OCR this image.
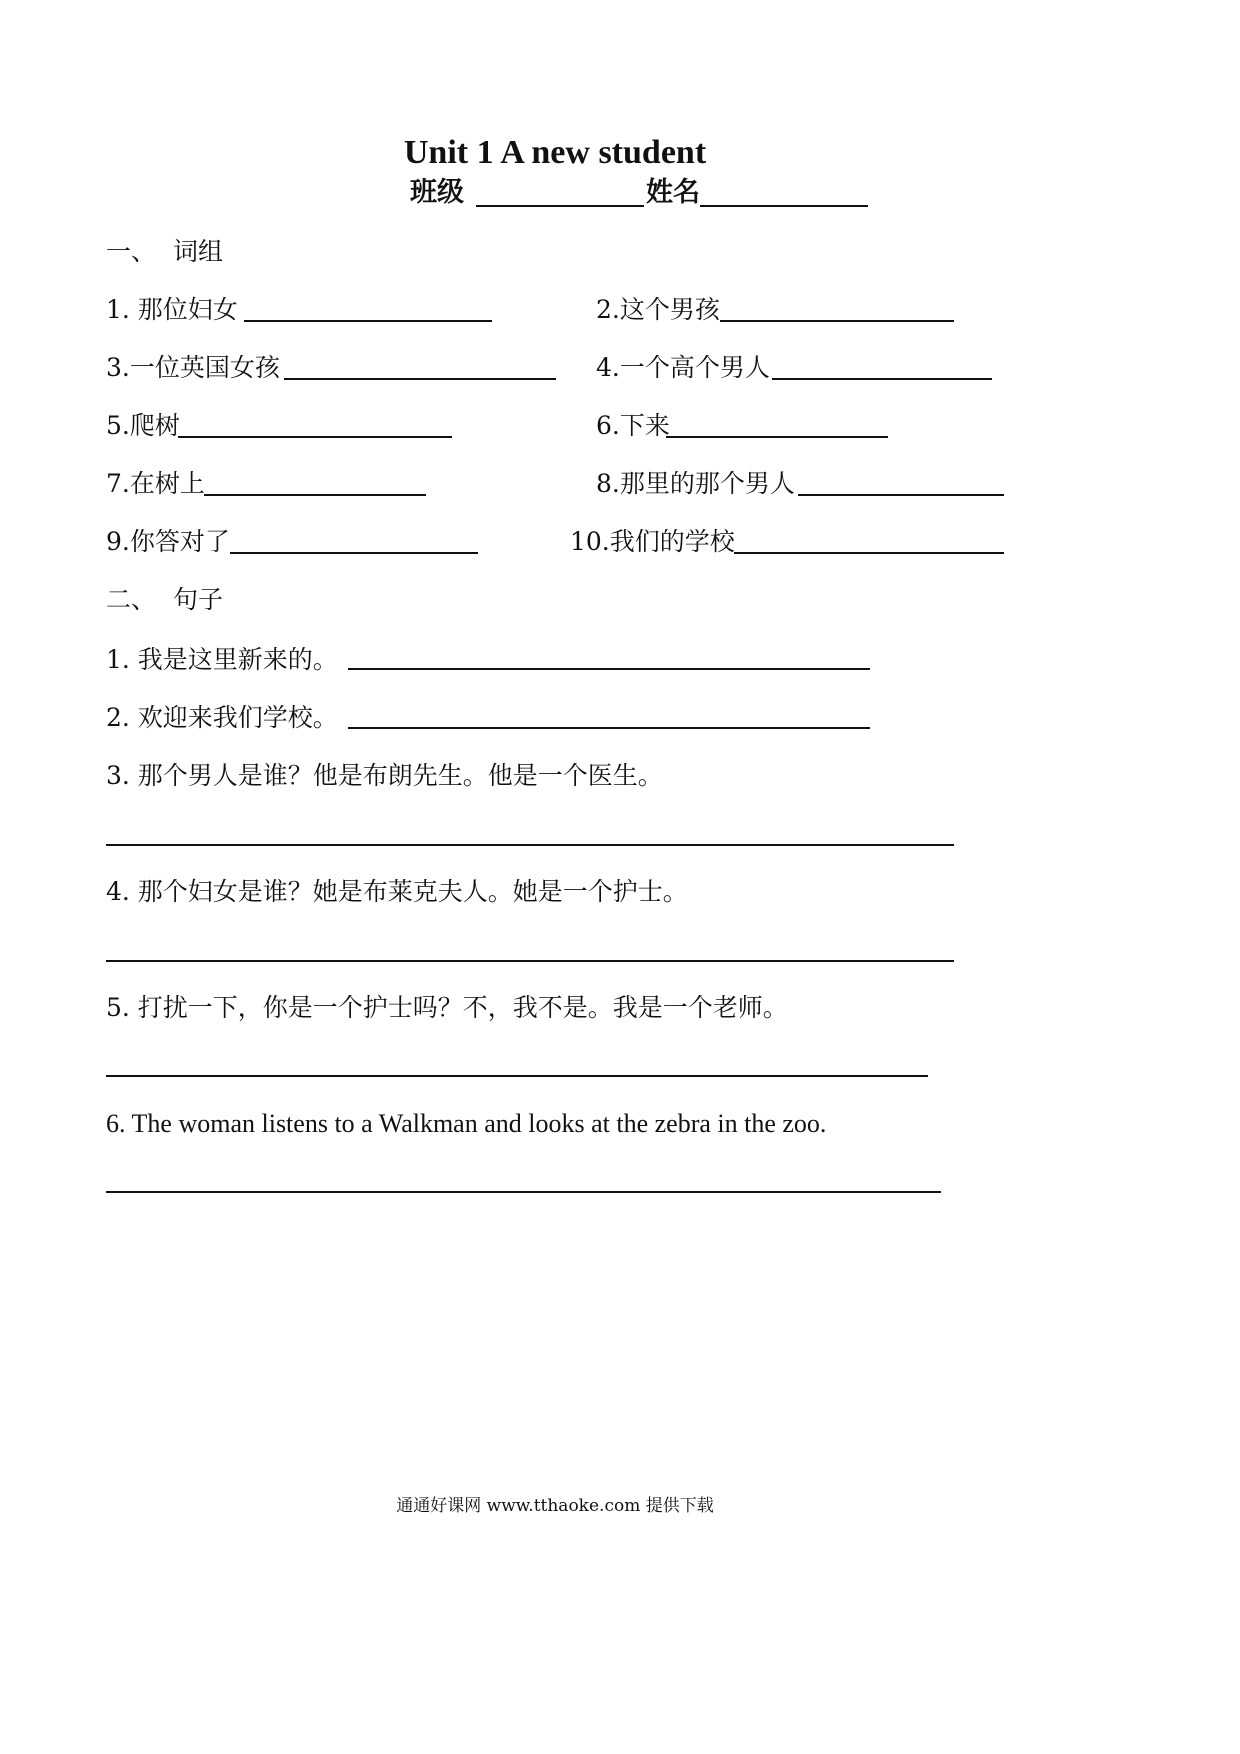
Unit 1 A new student
班级	姓名
一、 词组
1. 那位妇女	2.这个男孩
3.一位英国女孩	4.一个高个男人
5.爬树	6.下来
7.在树上	8.那里的那个男人
9.你答对了	10.我们的学校
二、 句子
1. 我是这里新来的。
2. 欢迎来我们学校。
3. 那个男人是谁？他是布朗先生。他是一个医生。
4. 那个妇女是谁？她是布莱克夫人。她是一个护士。
5. 打扰一下，你是一个护士吗？不，我不是。我是一个老师。
6. The woman listens to a Walkman and looks at the zebra in the zoo.
通通好课网 www.tthaoke.com 提供下载
